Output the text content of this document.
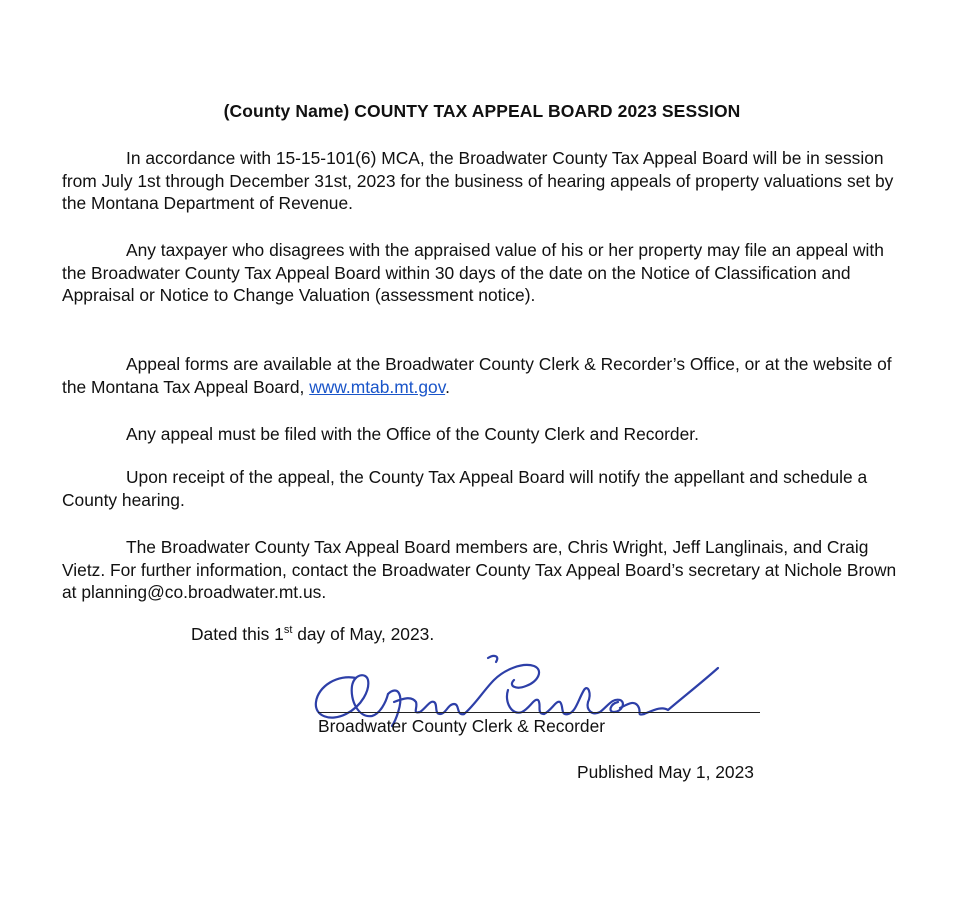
(County Name) COUNTY TAX APPEAL BOARD 2023 SESSION

In accordance with 15-15-101(6) MCA, the Broadwater County Tax Appeal Board will be in session from July 1st through December 31st, 2023 for the business of hearing appeals of property valuations set by the Montana Department of Revenue.

Any taxpayer who disagrees with the appraised value of his or her property may file an appeal with the Broadwater County Tax Appeal Board within 30 days of the date on the Notice of Classification and Appraisal or Notice to Change Valuation (assessment notice).

Appeal forms are available at the Broadwater County Clerk & Recorder’s Office, or at the website of the Montana Tax Appeal Board, www.mtab.mt.gov.

Any appeal must be filed with the Office of the County Clerk and Recorder.

Upon receipt of the appeal, the County Tax Appeal Board will notify the appellant and schedule a County hearing.

The Broadwater County Tax Appeal Board members are, Chris Wright, Jeff Langlinais, and Craig Vietz. For further information, contact the Broadwater County Tax Appeal Board’s secretary at Nichole Brown at planning@co.broadwater.mt.us.

Dated this 1st day of May, 2023.
Broadwater County Clerk & Recorder
Published May 1, 2023
